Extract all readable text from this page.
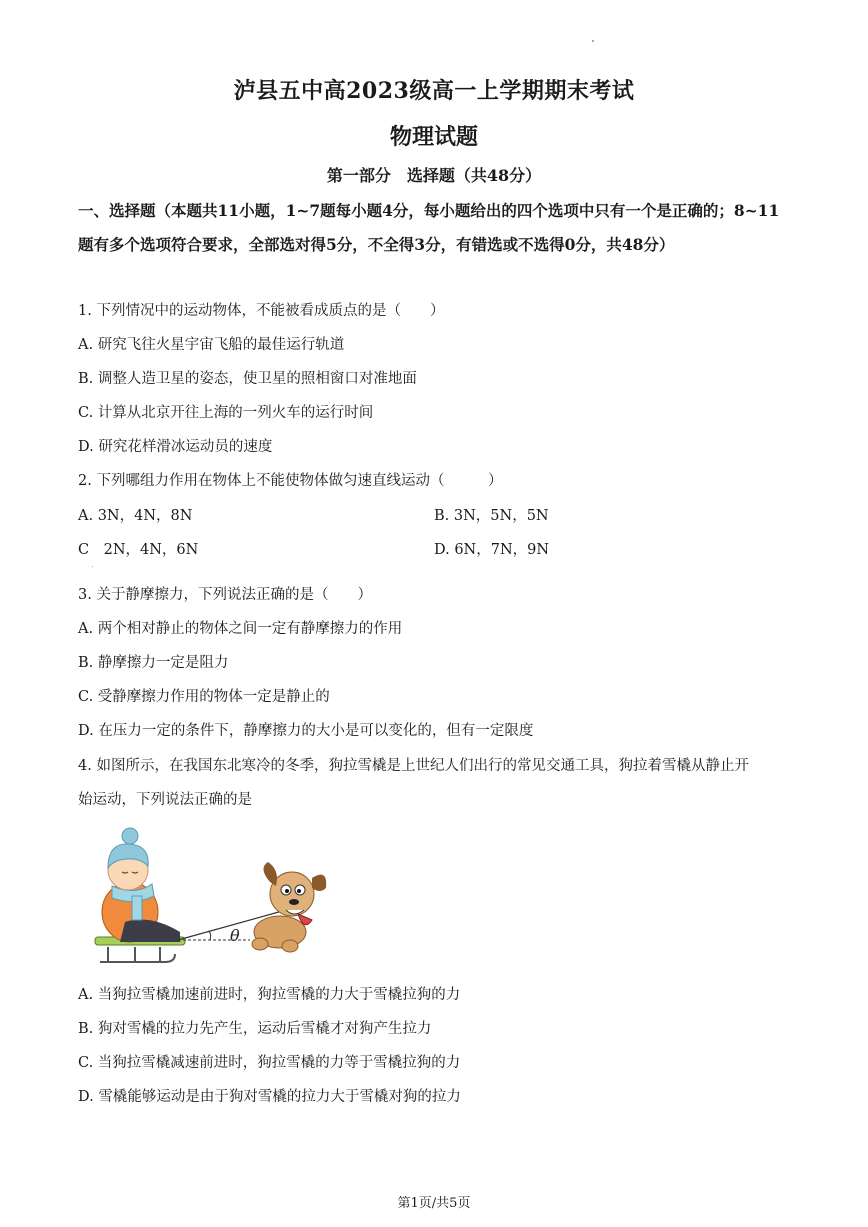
泸县五中高2023级高一上学期期末考试
物理试题
第一部分　选择题（共48分）
一、选择题（本题共11小题，1~7题每小题4分，每小题给出的四个选项中只有一个是正确的；8~11题有多个选项符合要求，全部选对得5分，不全得3分，有错选或不选得0分，共48分）
1. 下列情况中的运动物体，不能被看成质点的是（　　）
A. 研究飞往火星宇宙飞船的最佳运行轨道
B. 调整人造卫星的姿态，使卫星的照相窗口对准地面
C. 计算从北京开往上海的一列火车的运行时间
D. 研究花样滑冰运动员的速度
2. 下列哪组力作用在物体上不能使物体做匀速直线运动（　　　）
A. 3N，4N，8N	B. 3N，5N，5N
C　2N，4N，6N	D. 6N，7N，9N
3. 关于静摩擦力，下列说法正确的是（　　）
A. 两个相对静止的物体之间一定有静摩擦力的作用
B. 静摩擦力一定是阻力
C. 受静摩擦力作用的物体一定是静止的
D. 在压力一定的条件下，静摩擦力的大小是可以变化的，但有一定限度
4. 如图所示，在我国东北寒冷的冬季，狗拉雪橇是上世纪人们出行的常见交通工具，狗拉着雪橇从静止开
始运动，下列说法正确的是
θ
A. 当狗拉雪橇加速前进时，狗拉雪橇的力大于雪橇拉狗的力
B. 狗对雪橇的拉力先产生，运动后雪橇才对狗产生拉力
C. 当狗拉雪橇减速前进时，狗拉雪橇的力等于雪橇拉狗的力
D. 雪橇能够运动是由于狗对雪橇的拉力大于雪橇对狗的拉力
第1页/共5页
